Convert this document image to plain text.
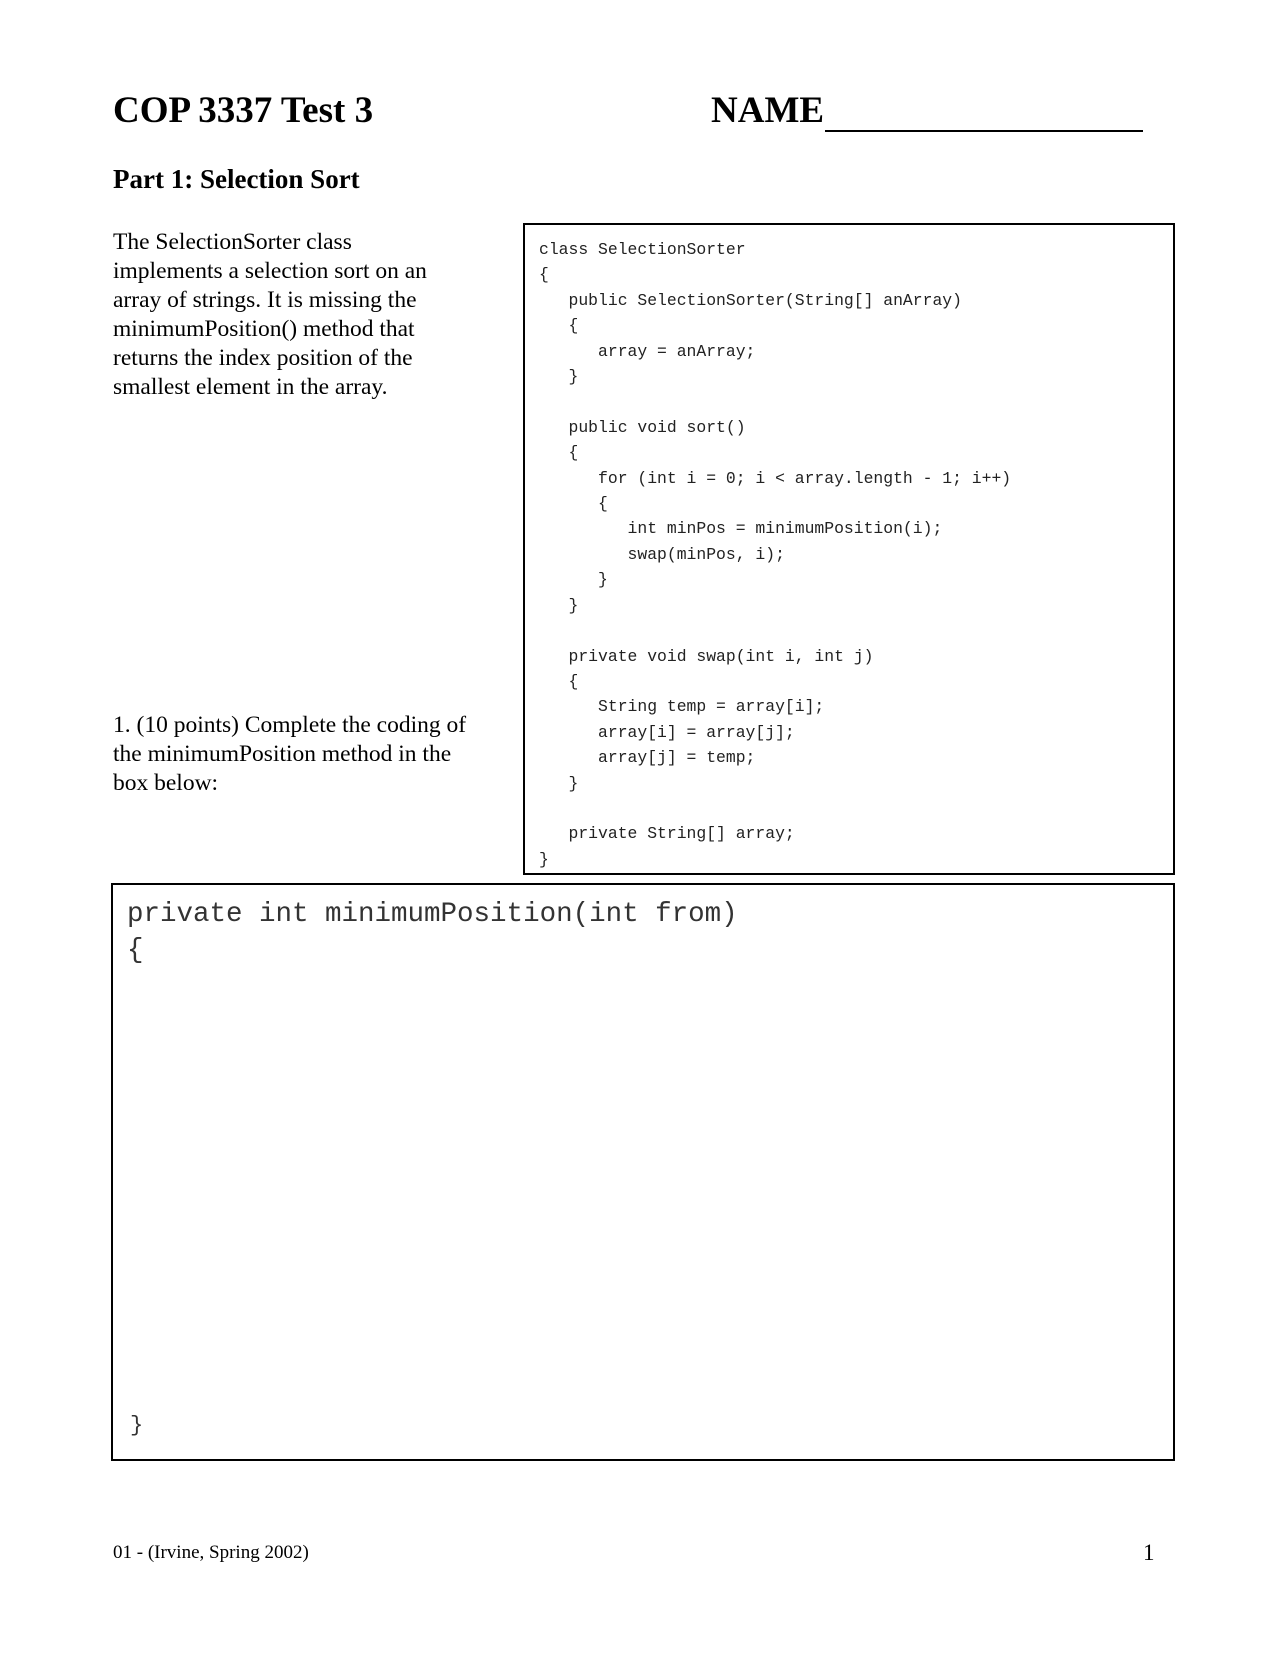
COP 3337 Test 3	NAME
Part 1: Selection Sort
The SelectionSorter class implements a selection sort on an array of strings. It is missing the minimumPosition() method that returns the index position of the smallest element in the array.
class SelectionSorter
{
public SelectionSorter(String[] anArray)
{
array = anArray;
}

public void sort()
{
for (int i = 0; i < array.length - 1; i++)
{
int minPos = minimumPosition(i);
swap(minPos, i);
}
}

private void swap(int i, int j)
{
String temp = array[i];
array[i] = array[j];
array[j] = temp;
}

private String[] array;
}
1. (10 points) Complete the coding of the minimumPosition method in the box below:
private int minimumPosition(int from)
{
}
01 - (Irvine, Spring 2002)	1
